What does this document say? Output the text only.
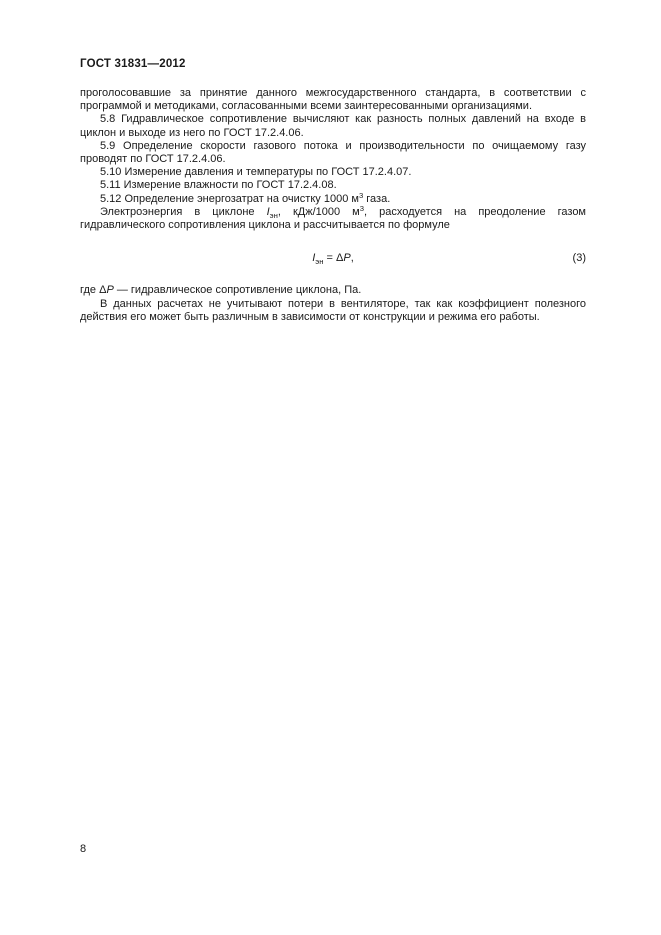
ГОСТ 31831—2012

проголосовавшие за принятие данного межгосударственного стандарта, в соответствии с программой и методиками, согласованными всеми заинтересованными организациями.

5.8 Гидравлическое сопротивление вычисляют как разность полных давлений на входе в циклон и выходе из него по ГОСТ 17.2.4.06.

5.9 Определение скорости газового потока и производительности по очищаемому газу проводят по ГОСТ 17.2.4.06.

5.10 Измерение давления и температуры по ГОСТ 17.2.4.07.

5.11 Измерение влажности по ГОСТ 17.2.4.08.

5.12 Определение энергозатрат на очистку 1000 $м^3$ газа.

Электроэнергия в циклоне $I_{эн}$, кДж/1000 $м^3$, расходуется на преодоление газом гидравлического сопротивления циклона и рассчитывается по формуле

$I_{эн} = \Delta P$,	(3)

где ΔP — гидравлическое сопротивление циклона, Па.

В данных расчетах не учитывают потери в вентиляторе, так как коэффициент полезного действия его может быть различным в зависимости от конструкции и режима его работы.

8
